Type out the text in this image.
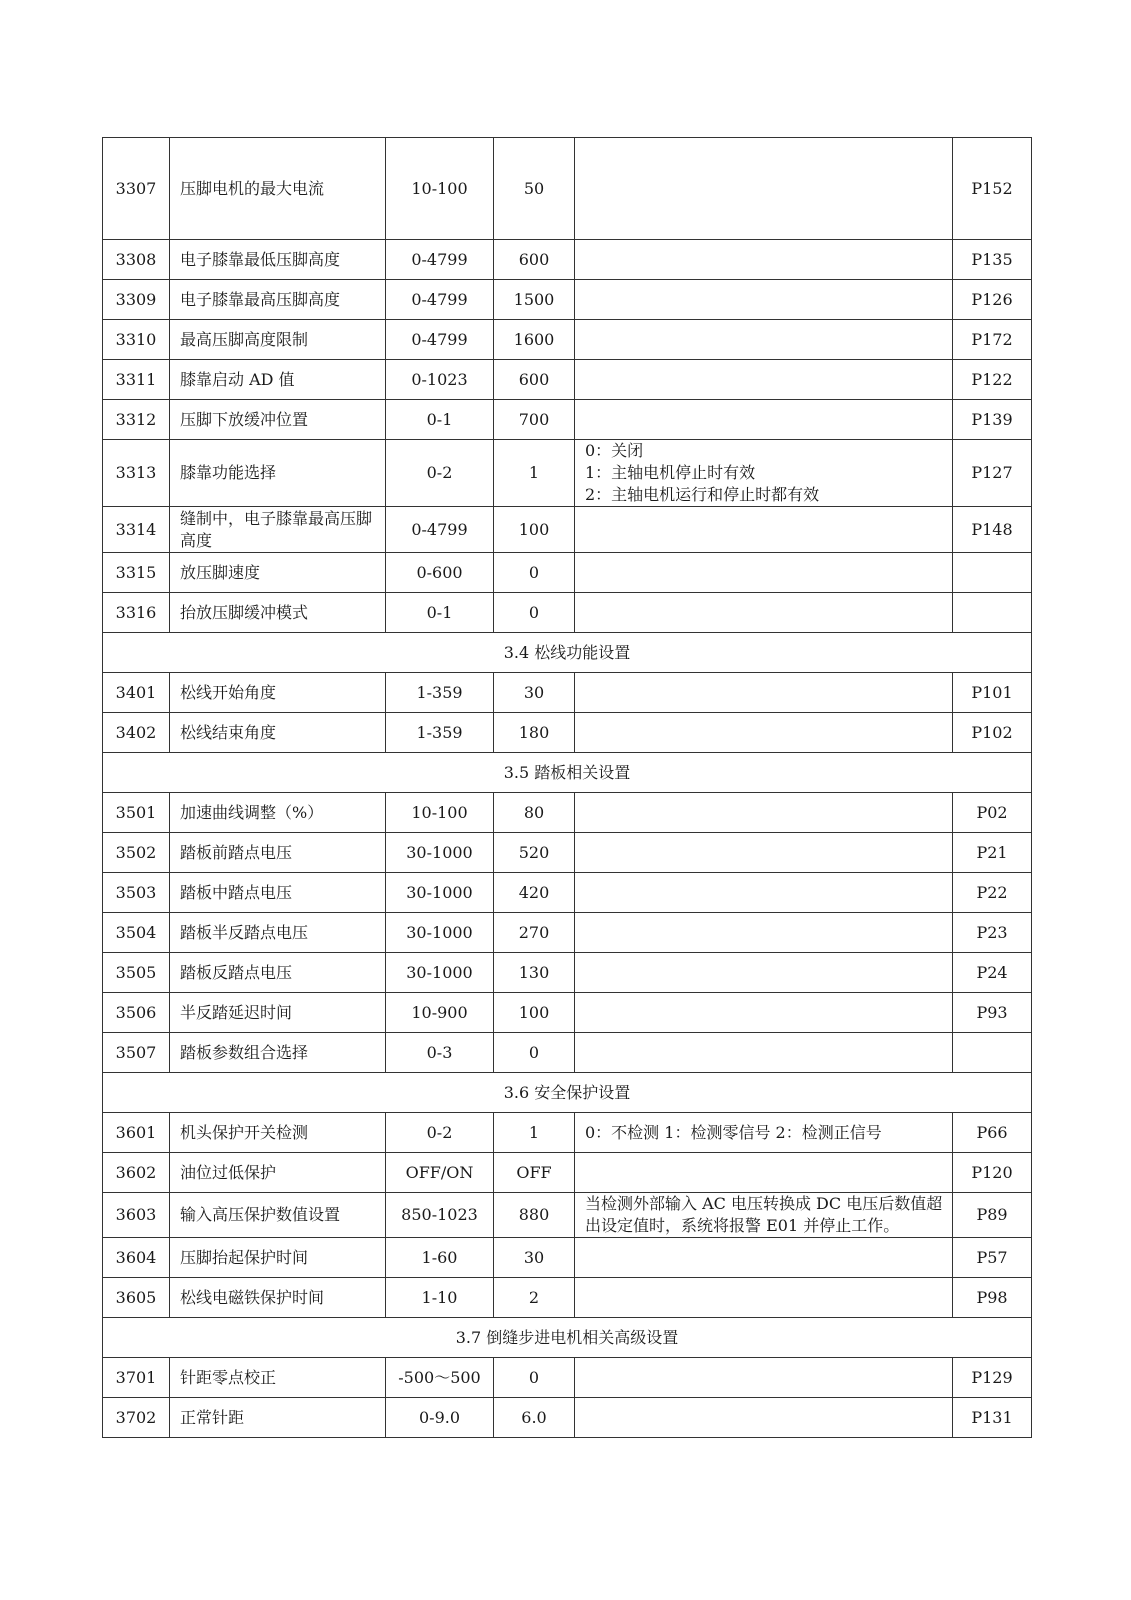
3307	压脚电机的最大电流	10-100	50		P152
3308	电子膝靠最低压脚高度	0-4799	600		P135
3309	电子膝靠最高压脚高度	0-4799	1500		P126
3310	最高压脚高度限制	0-4799	1600		P172
3311	膝靠启动 AD 值	0-1023	600		P122
3312	压脚下放缓冲位置	0-1	700		P139
3313	膝靠功能选择	0-2	1	0：关闭
1：主轴电机停止时有效
2：主轴电机运行和停止时都有效	P127
3314	缝制中，电子膝靠最高压脚高度	0-4799	100		P148
3315	放压脚速度	0-600	0		
3316	抬放压脚缓冲模式	0-1	0		
3.4 松线功能设置					
3401	松线开始角度	1-359	30		P101
3402	松线结束角度	1-359	180		P102
3.5 踏板相关设置					
3501	加速曲线调整（%）	10-100	80		P02
3502	踏板前踏点电压	30-1000	520		P21
3503	踏板中踏点电压	30-1000	420		P22
3504	踏板半反踏点电压	30-1000	270		P23
3505	踏板反踏点电压	30-1000	130		P24
3506	半反踏延迟时间	10-900	100		P93
3507	踏板参数组合选择	0-3	0		
3.6 安全保护设置					
3601	机头保护开关检测	0-2	1	0：不检测 1：检测零信号 2：检测正信号	P66
3602	油位过低保护	OFF/ON	OFF		P120
3603	输入高压保护数值设置	850-1023	880	当检测外部输入 AC 电压转换成 DC 电压后数值超出设定值时，系统将报警 E01 并停止工作。	P89
3604	压脚抬起保护时间	1-60	30		P57
3605	松线电磁铁保护时间	1-10	2		P98
3.7 倒缝步进电机相关高级设置					
3701	针距零点校正	-500～500	0		P129
3702	正常针距	0-9.0	6.0		P131
